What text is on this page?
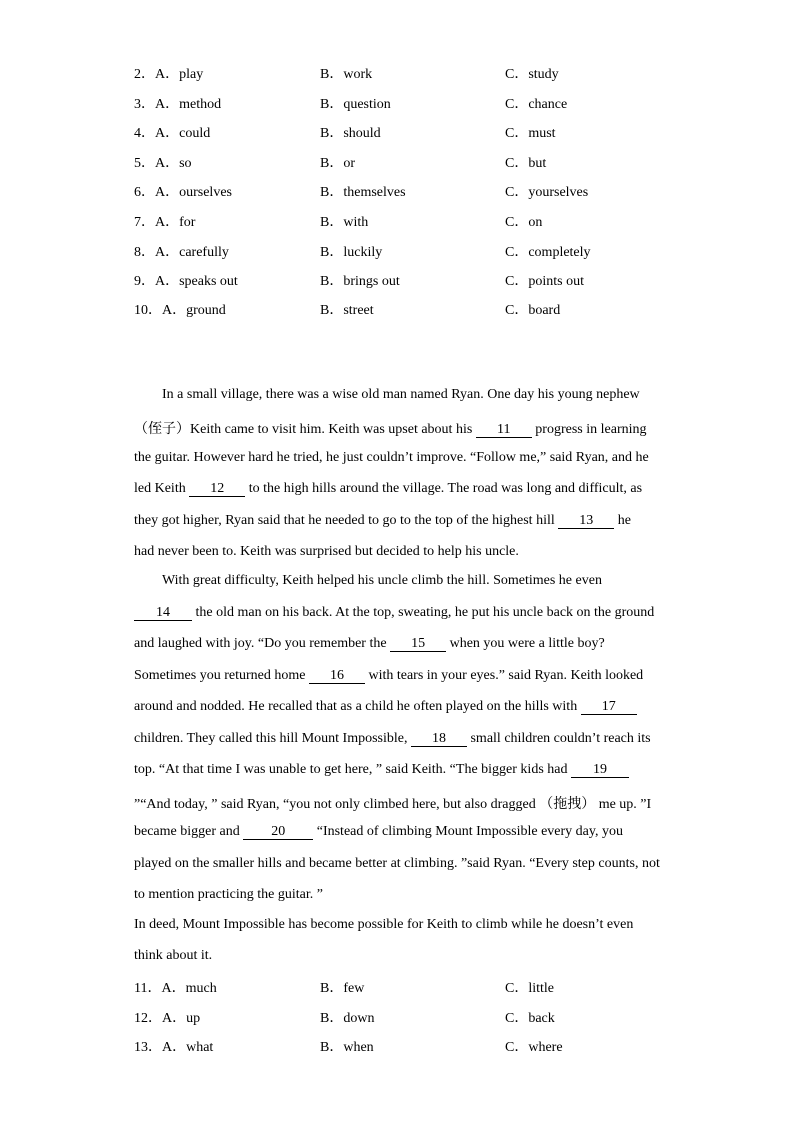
2．A．play	B．work	C．study
3．A．method	B．question	C．chance
4．A．could	B．should	C．must
5．A．so	B．or	C．but
6．A．ourselves	B．themselves	C．yourselves
7．A．for	B．with	C．on
8．A．carefully	B．luckily	C．completely
9．A．speaks out	B．brings out	C．points out
10．A．ground	B．street	C．board
In a small village, there was a wise old man named Ryan. One day his young nephew
（侄子）Keith came to visit him. Keith was upset about his 11 progress in learning
the guitar. However hard he tried, he just couldn’t improve. “Follow me,” said Ryan, and he
led Keith 12 to the high hills around the village. The road was long and difficult, as
they got higher, Ryan said that he needed to go to the top of the highest hill 13 he
had never been to. Keith was surprised but decided to help his uncle.
With great difficulty, Keith helped his uncle climb the hill. Sometimes he even
14 the old man on his back. At the top, sweating, he put his uncle back on the ground
and laughed with joy. “Do you remember the 15 when you were a little boy?
Sometimes you returned home 16 with tears in your eyes.” said Ryan. Keith looked
around and nodded. He recalled that as a child he often played on the hills with 17
children. They called this hill Mount Impossible, 18 small children couldn’t reach its
top. “At that time I was unable to get here, ” said Keith. “The bigger kids had 19
”“And today, ” said Ryan, “you not only climbed here, but also dragged （拖拽） me up. ”I
became bigger and 20 “Instead of climbing Mount Impossible every day, you
played on the smaller hills and became better at climbing. ”said Ryan. “Every step counts, not
to mention practicing the guitar. ”
In deed, Mount Impossible has become possible for Keith to climb while he doesn’t even
think about it.
11．A．much	B．few	C．little
12．A．up	B．down	C．back
13．A．what	B．when	C．where
